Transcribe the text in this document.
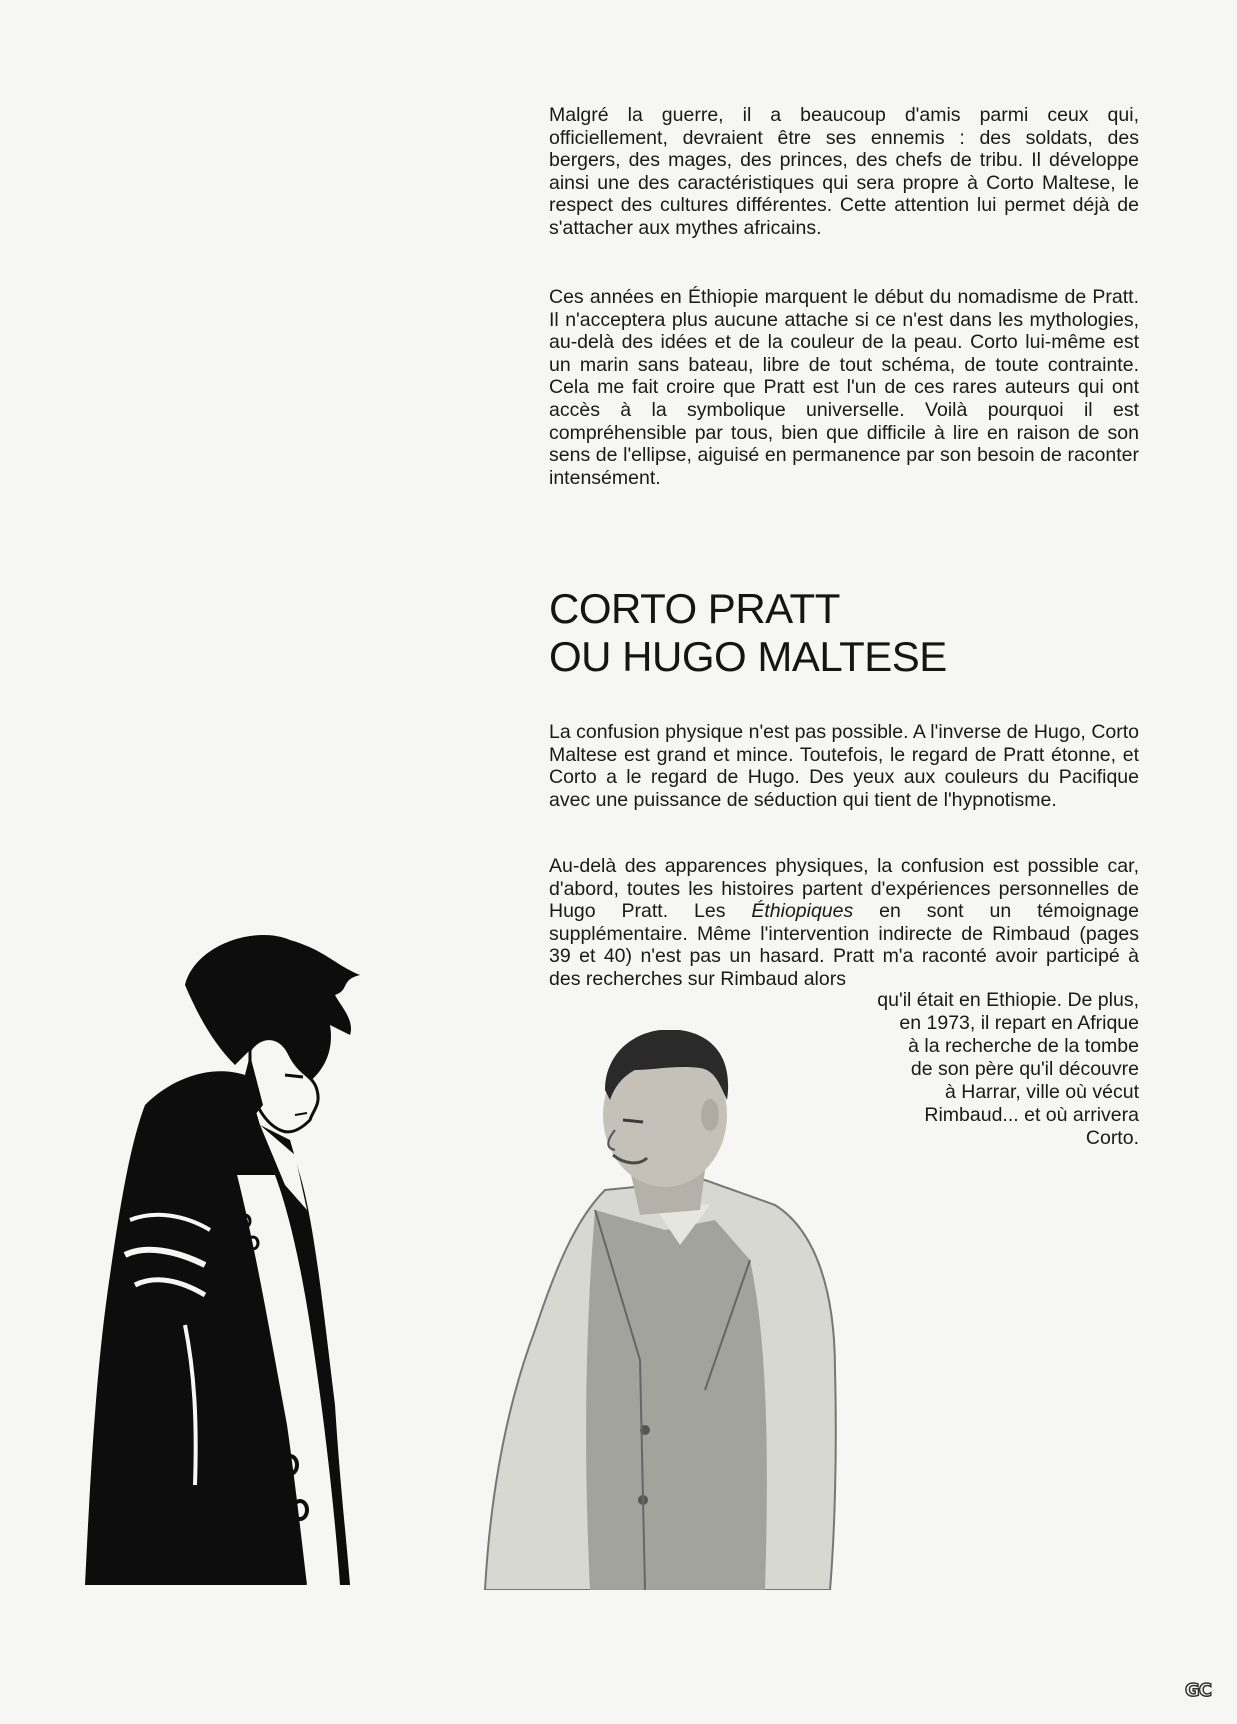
Malgré la guerre, il a beaucoup d'amis parmi ceux qui, officiellement, devraient être ses ennemis : des soldats, des bergers, des mages, des princes, des chefs de tribu. Il développe ainsi une des caractéristiques qui sera propre à Corto Maltese, le respect des cultures différentes. Cette attention lui permet déjà de s'attacher aux mythes africains.

Ces années en Éthiopie marquent le début du nomadisme de Pratt. Il n'acceptera plus aucune attache si ce n'est dans les mythologies, au-delà des idées et de la couleur de la peau. Corto lui-même est un marin sans bateau, libre de tout schéma, de toute contrainte. Cela me fait croire que Pratt est l'un de ces rares auteurs qui ont accès à la symbolique universelle. Voilà pourquoi il est compréhensible par tous, bien que difficile à lire en raison de son sens de l'ellipse, aiguisé en permanence par son besoin de raconter intensément.

CORTO PRATT
OU HUGO MALTESE

La confusion physique n'est pas possible. A l'inverse de Hugo, Corto Maltese est grand et mince. Toutefois, le regard de Pratt étonne, et Corto a le regard de Hugo. Des yeux aux couleurs du Pacifique avec une puissance de séduction qui tient de l'hypnotisme.

Au-delà des apparences physiques, la confusion est possible car, d'abord, toutes les histoires partent d'expériences personnelles de Hugo Pratt. Les Éthiopiques en sont un témoignage supplémentaire. Même l'intervention indirecte de Rimbaud (pages 39 et 40) n'est pas un hasard. Pratt m'a raconté avoir participé à des recherches sur Rimbaud alors

qu'il était en Ethiopie. De plus,
en 1973, il repart en Afrique
à la recherche de la tombe
de son père qu'il découvre
à Harrar, ville où vécut
Rimbaud... et où arrivera
Corto.
GC
